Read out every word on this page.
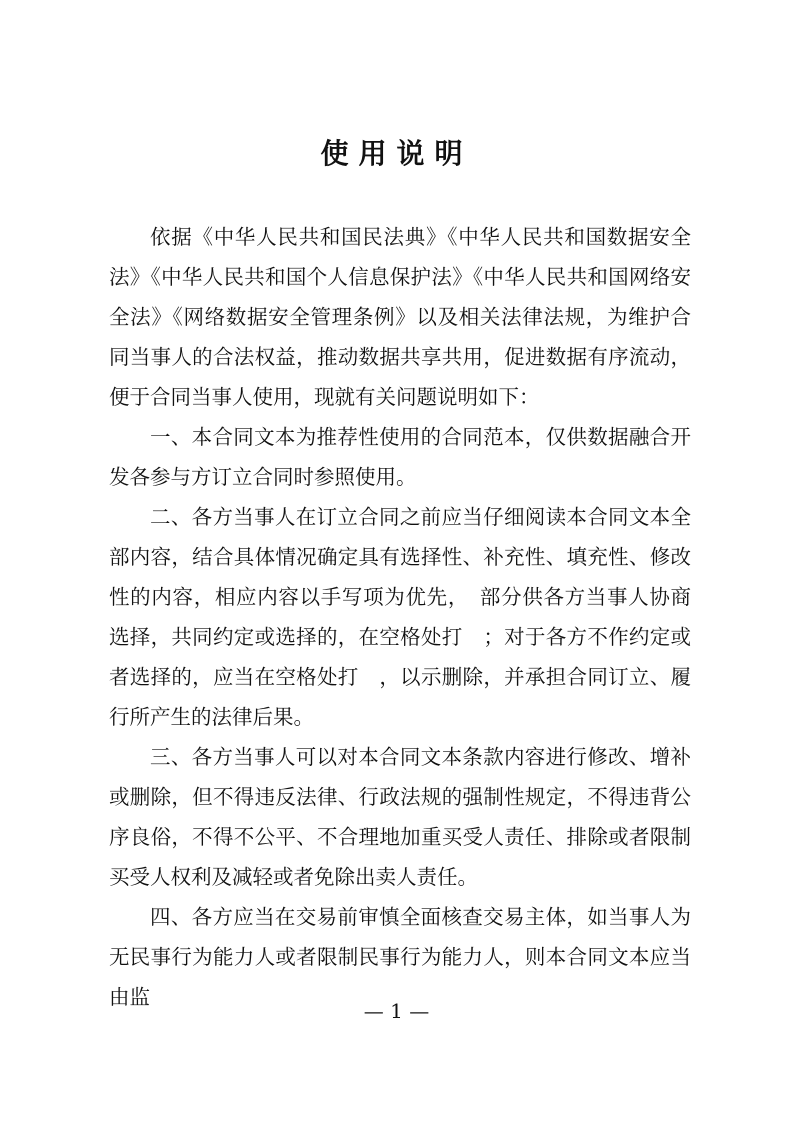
使用说明

依据《中华人民共和国民法典》《中华人民共和国数据安全法》《中华人民共和国个人信息保护法》《中华人民共和国网络安全法》《网络数据安全管理条例》以及相关法律法规，为维护合同当事人的合法权益，推动数据共享共用，促进数据有序流动，便于合同当事人使用，现就有关问题说明如下：

一、本合同文本为推荐性使用的合同范本，仅供数据融合开发各参与方订立合同时参照使用。

二、各方当事人在订立合同之前应当仔细阅读本合同文本全部内容，结合具体情况确定具有选择性、补充性、填充性、修改性的内容，相应内容以手写项为优先，　部分供各方当事人协商选择，共同约定或选择的，在空格处打　；对于各方不作约定或者选择的，应当在空格处打　，以示删除，并承担合同订立、履行所产生的法律后果。

三、各方当事人可以对本合同文本条款内容进行修改、增补或删除，但不得违反法律、行政法规的强制性规定，不得违背公序良俗，不得不公平、不合理地加重买受人责任、排除或者限制买受人权利及减轻或者免除出卖人责任。

四、各方应当在交易前审慎全面核查交易主体，如当事人为无民事行为能力人或者限制民事行为能力人，则本合同文本应当由监

— 1 —
